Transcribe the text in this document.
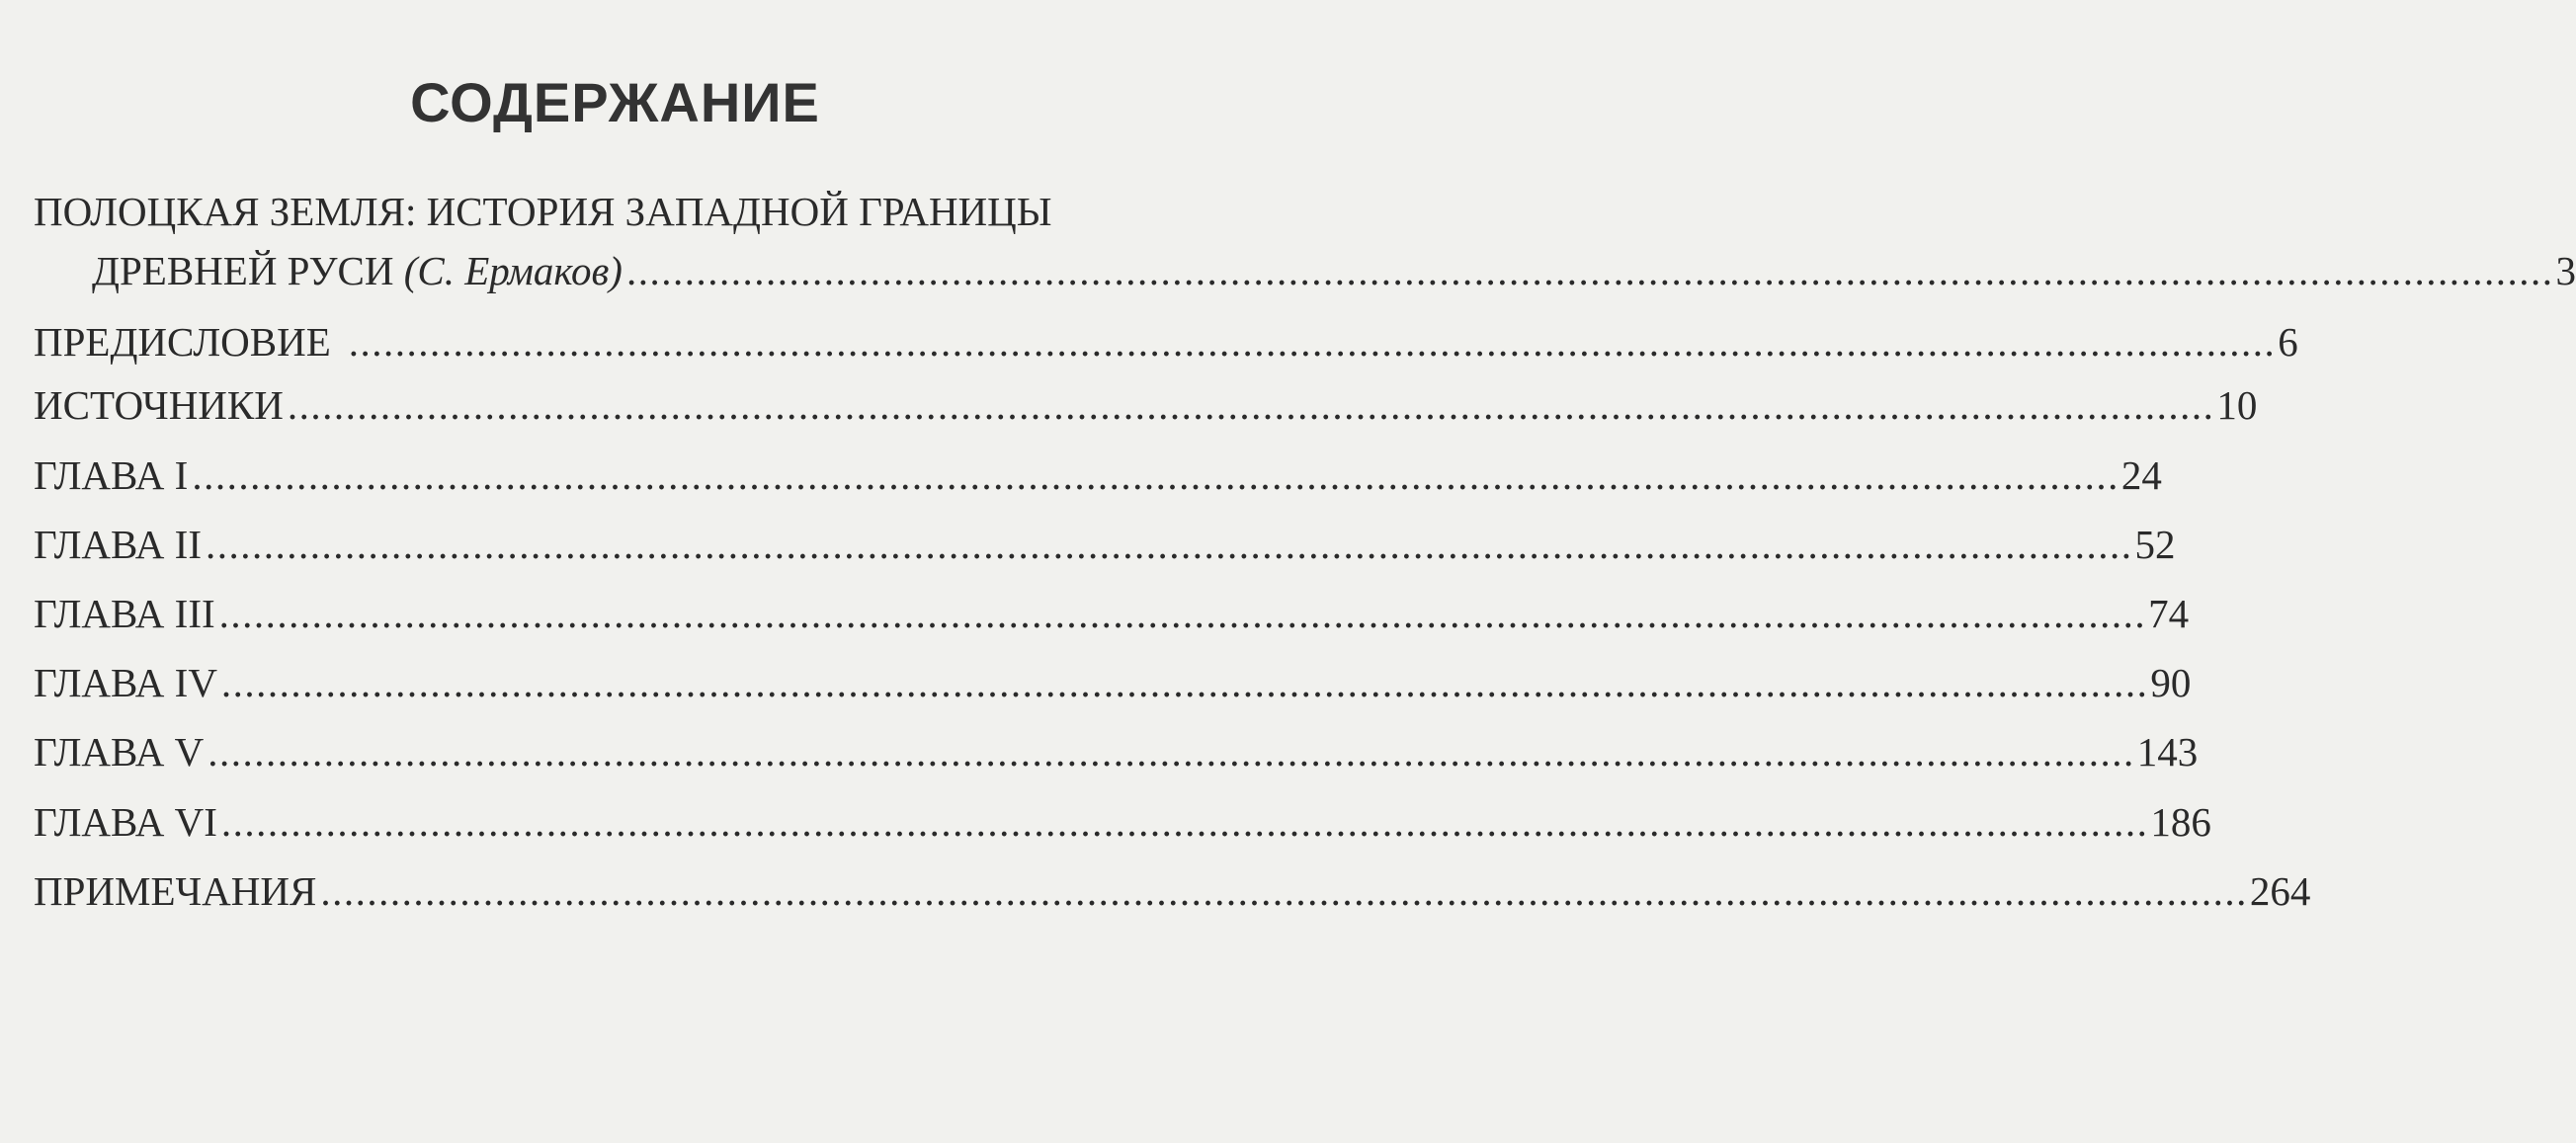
СОДЕРЖАНИЕ
ПОЛОЦКАЯ ЗЕМЛЯ: ИСТОРИЯ ЗАПАДНОЙ ГРАНИЦЫ
ДРЕВНЕЙ РУСИ (С. Ермаков) ...................................................................................................................................................................... 3
ПРЕДИСЛОВИЕ ...................................................................................................................................................................... 6
ИСТОЧНИКИ ...................................................................................................................................................................... 10
ГЛАВА I ...................................................................................................................................................................... 24
ГЛАВА II ...................................................................................................................................................................... 52
ГЛАВА III ...................................................................................................................................................................... 74
ГЛАВА IV ...................................................................................................................................................................... 90
ГЛАВА V ...................................................................................................................................................................... 143
ГЛАВА VI ...................................................................................................................................................................... 186
ПРИМЕЧАНИЯ ...................................................................................................................................................................... 264
